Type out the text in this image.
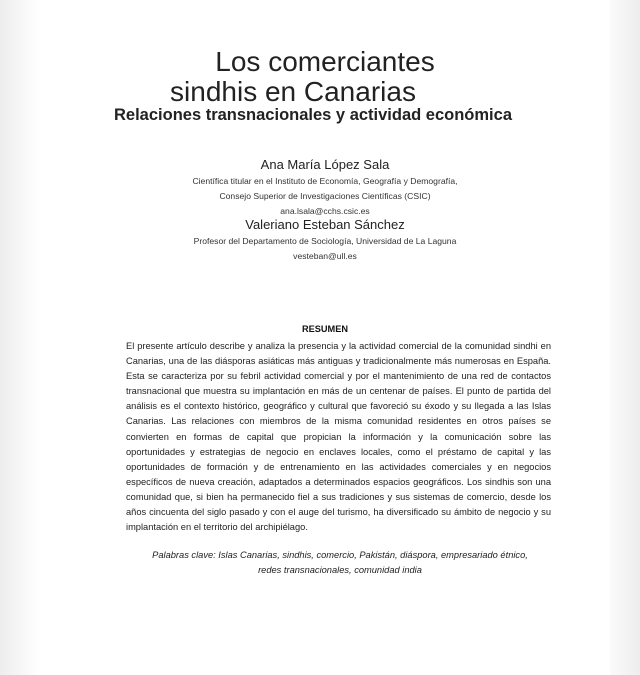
Los comerciantes
sindhis en Canarias
Relaciones transnacionales y actividad económica
Ana María López Sala
Científica titular en el Instituto de Economía, Geografía y Demografía,
Consejo Superior de Investigaciones Científicas (CSIC)
ana.lsala@cchs.csic.es
Valeriano Esteban Sánchez
Profesor del Departamento de Sociología, Universidad de La Laguna
vesteban@ull.es
RESUMEN

El presente artículo describe y analiza la presencia y la actividad comercial de la comunidad sindhi en Canarias, una de las diásporas asiáticas más antiguas y tradicionalmente más numerosas en España. Esta se caracteriza por su febril actividad comercial y por el mantenimiento de una red de contactos transnacional que muestra su implantación en más de un centenar de países. El punto de partida del análisis es el contexto histórico, geográfico y cultural que favoreció su éxodo y su llegada a las Islas Canarias. Las relaciones con miembros de la misma comunidad residentes en otros países se convierten en formas de capital que propician la información y la comunicación sobre las oportunidades y estrategias de negocio en enclaves locales, como el préstamo de capital y las oportunidades de formación y de entrenamiento en las actividades comerciales y en negocios específicos de nueva creación, adaptados a determinados espacios geográficos. Los sindhis son una comunidad que, si bien ha permanecido fiel a sus tradiciones y sus sistemas de comercio, desde los años cincuenta del siglo pasado y con el auge del turismo, ha diversificado su ámbito de negocio y su implantación en el territorio del archipiélago.

Palabras clave: Islas Canarias, sindhis, comercio, Pakistán, diáspora, empresariado étnico, redes transnacionales, comunidad india
